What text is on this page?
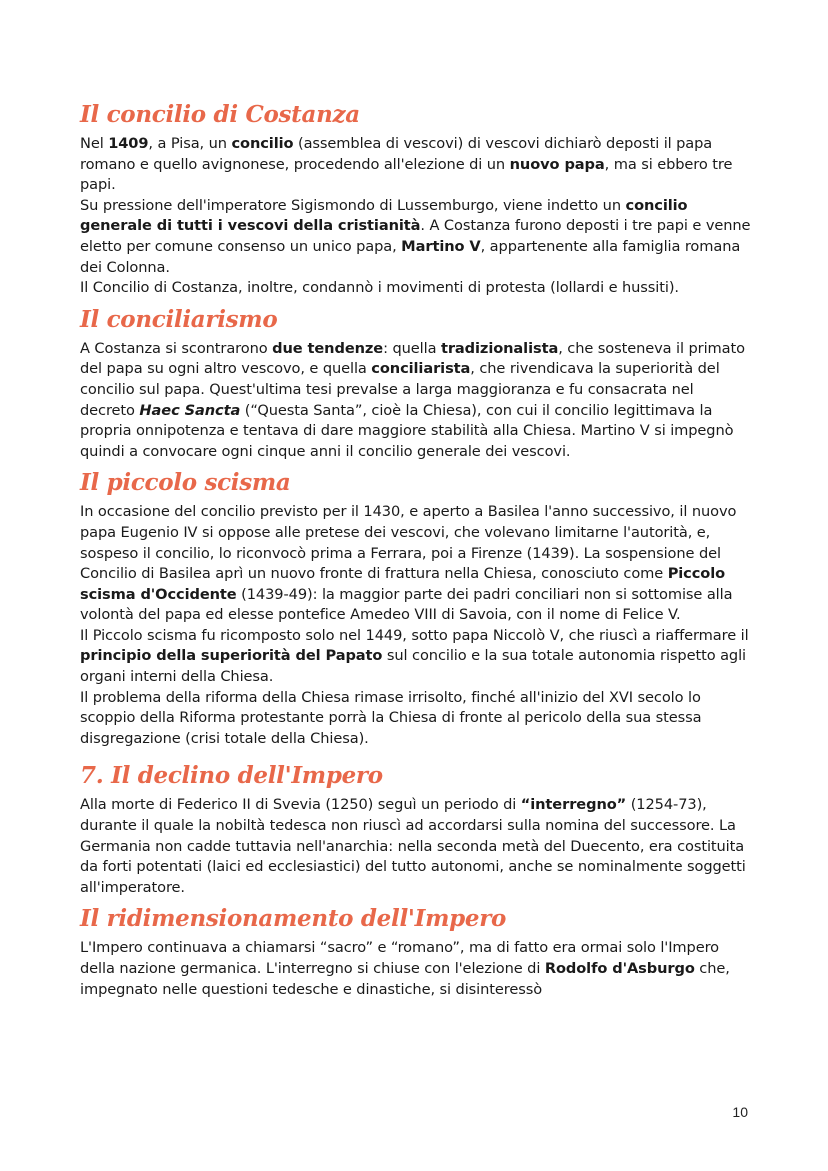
Il concilio di Costanza

Nel 1409, a Pisa, un concilio (assemblea di vescovi) di vescovi dichiarò deposti il papa romano e quello avignonese, procedendo all'elezione di un nuovo papa, ma si ebbero tre papi.

Su pressione dell'imperatore Sigismondo di Lussemburgo, viene indetto un concilio generale di tutti i vescovi della cristianità. A Costanza furono deposti i tre papi e venne eletto per comune consenso un unico papa, Martino V, appartenente alla famiglia romana dei Colonna.

Il Concilio di Costanza, inoltre, condannò i movimenti di protesta (lollardi e hussiti).

Il conciliarismo

A Costanza si scontrarono due tendenze: quella tradizionalista, che sosteneva il primato del papa su ogni altro vescovo, e quella conciliarista, che rivendicava la superiorità del concilio sul papa. Quest'ultima tesi prevalse a larga maggioranza e fu consacrata nel decreto Haec Sancta (“Questa Santa”, cioè la Chiesa), con cui il concilio legittimava la propria onnipotenza e tentava di dare maggiore stabilità alla Chiesa. Martino V si impegnò quindi a convocare ogni cinque anni il concilio generale dei vescovi.

Il piccolo scisma

In occasione del concilio previsto per il 1430, e aperto a Basilea l'anno successivo, il nuovo papa Eugenio IV si oppose alle pretese dei vescovi, che volevano limitarne l'autorità, e, sospeso il concilio, lo riconvocò prima a Ferrara, poi a Firenze (1439). La sospensione del Concilio di Basilea aprì un nuovo fronte di frattura nella Chiesa, conosciuto come Piccolo scisma d'Occidente (1439-49): la maggior parte dei padri conciliari non si sottomise alla volontà del papa ed elesse pontefice Amedeo VIII di Savoia, con il nome di Felice V.

Il Piccolo scisma fu ricomposto solo nel 1449, sotto papa Niccolò V, che riuscì a riaffermare il principio della superiorità del Papato sul concilio e la sua totale autonomia rispetto agli organi interni della Chiesa.

Il problema della riforma della Chiesa rimase irrisolto, finché all'inizio del XVI secolo lo scoppio della Riforma protestante porrà la Chiesa di fronte al pericolo della sua stessa disgregazione (crisi totale della Chiesa).

7. Il declino dell'Impero

Alla morte di Federico II di Svevia (1250) seguì un periodo di “interregno” (1254-73), durante il quale la nobiltà tedesca non riuscì ad accordarsi sulla nomina del successore. La Germania non cadde tuttavia nell'anarchia: nella seconda metà del Duecento, era costituita da forti potentati (laici ed ecclesiastici) del tutto autonomi, anche se nominalmente soggetti all'imperatore.

Il ridimensionamento dell'Impero

L'Impero continuava a chiamarsi “sacro” e “romano”, ma di fatto era ormai solo l'Impero della nazione germanica. L'interregno si chiuse con l'elezione di Rodolfo d'Asburgo che, impegnato nelle questioni tedesche e dinastiche, si disinteressò

10
